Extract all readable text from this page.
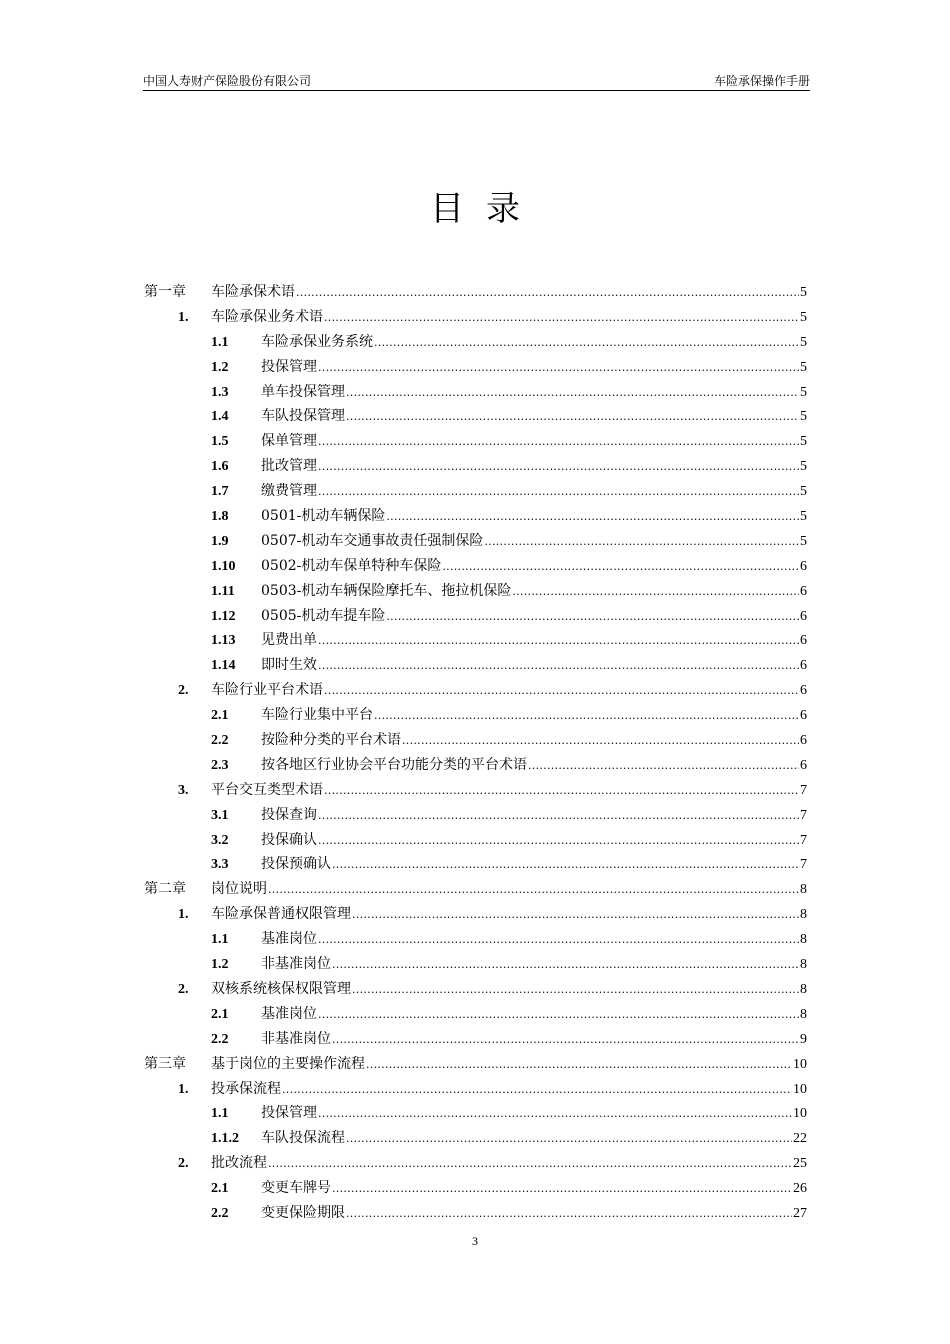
中国人寿财产保险股份有限公司	车险承保操作手册
目录
第一章	车险承保术语 .....	5
1.	车险承保业务术语 .....	5
1.1	车险承保业务系统 .....	5
1.2	投保管理 .....	5
1.3	单车投保管理 .....	5
1.4	车队投保管理 .....	5
1.5	保单管理 .....	5
1.6	批改管理 .....	5
1.7	缴费管理 .....	5
1.8	0501-机动车辆保险 .....	5
1.9	0507-机动车交通事故责任强制保险 .....	5
1.10	0502-机动车保单特种车保险 .....	6
1.11	0503-机动车辆保险摩托车、拖拉机保险 .....	6
1.12	0505-机动车提车险 .....	6
1.13	见费出单 .....	6
1.14	即时生效 .....	6
2.	车险行业平台术语 .....	6
2.1	车险行业集中平台 .....	6
2.2	按险种分类的平台术语 .....	6
2.3	按各地区行业协会平台功能分类的平台术语 .....	6
3.	平台交互类型术语 .....	7
3.1	投保查询 .....	7
3.2	投保确认 .....	7
3.3	投保预确认 .....	7
第二章	岗位说明 .....	8
1.	车险承保普通权限管理 .....	8
1.1	基准岗位 .....	8
1.2	非基准岗位 .....	8
2.	双核系统核保权限管理 .....	8
2.1	基准岗位 .....	8
2.2	非基准岗位 .....	9
第三章	基于岗位的主要操作流程 .....	10
1.	投承保流程 .....	10
1.1	投保管理 .....	10
1.1.2	车队投保流程 .....	22
2.	批改流程 .....	25
2.1	变更车牌号 .....	26
2.2	变更保险期限 .....	27
3
